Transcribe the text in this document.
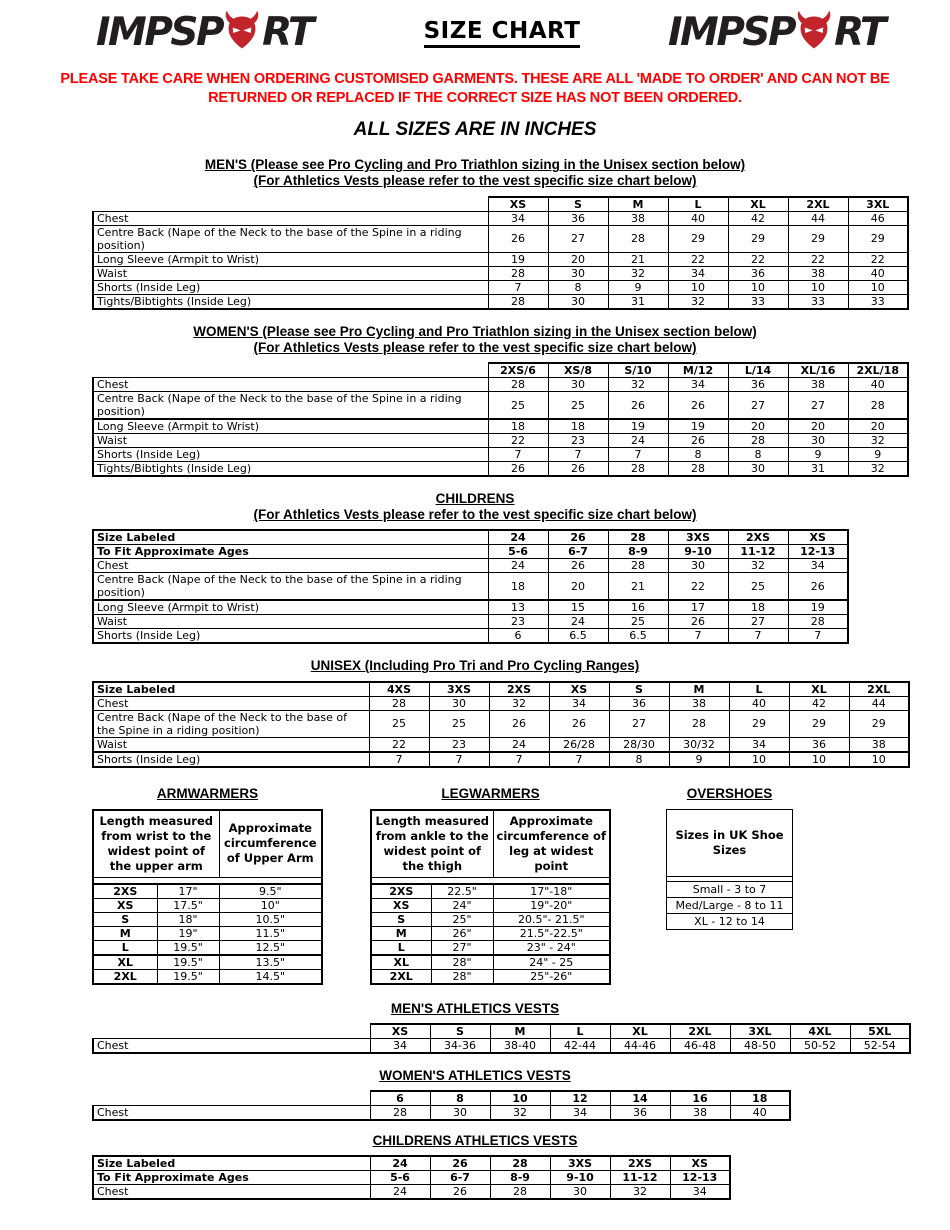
IMPSP RT	SIZE CHART	IMPSP RT
PLEASE TAKE CARE WHEN ORDERING CUSTOMISED GARMENTS. THESE ARE ALL 'MADE TO ORDER' AND CAN NOT BE
RETURNED OR REPLACED IF THE CORRECT SIZE HAS NOT BEEN ORDERED.
ALL SIZES ARE IN INCHES
MEN'S (Please see Pro Cycling and Pro Triathlon sizing in the Unisex section below)
(For Athletics Vests please refer to the vest specific size chart below)
	XS	S	M	L	XL	2XL	3XL
Chest	34	36	38	40	42	44	46
Centre Back (Nape of the Neck to the base of the Spine in a riding position)	26	27	28	29	29	29	29
Long Sleeve (Armpit to Wrist)	19	20	21	22	22	22	22
Waist	28	30	32	34	36	38	40
Shorts (Inside Leg)	7	8	9	10	10	10	10
Tights/Bibtights (Inside Leg)	28	30	31	32	33	33	33
WOMEN'S (Please see Pro Cycling and Pro Triathlon sizing in the Unisex section below)
(For Athletics Vests please refer to the vest specific size chart below)
	2XS/6	XS/8	S/10	M/12	L/14	XL/16	2XL/18
Chest	28	30	32	34	36	38	40
Centre Back (Nape of the Neck to the base of the Spine in a riding position)	25	25	26	26	27	27	28
Long Sleeve (Armpit to Wrist)	18	18	19	19	20	20	20
Waist	22	23	24	26	28	30	32
Shorts (Inside Leg)	7	7	7	8	8	9	9
Tights/Bibtights (Inside Leg)	26	26	28	28	30	31	32
CHILDRENS
(For Athletics Vests please refer to the vest specific size chart below)
Size Labeled	24	26	28	3XS	2XS	XS
To Fit Approximate Ages	5-6	6-7	8-9	9-10	11-12	12-13
Chest	24	26	28	30	32	34
Centre Back (Nape of the Neck to the base of the Spine in a riding position)	18	20	21	22	25	26
Long Sleeve (Armpit to Wrist)	13	15	16	17	18	19
Waist	23	24	25	26	27	28
Shorts (Inside Leg)	6	6.5	6.5	7	7	7
UNISEX (Including Pro Tri and Pro Cycling Ranges)
Size Labeled	4XS	3XS	2XS	XS	S	M	L	XL	2XL
Chest	28	30	32	34	36	38	40	42	44
Centre Back (Nape of the Neck to the base of the Spine in a riding position)	25	25	26	26	27	28	29	29	29
Waist	22	23	24	26/28	28/30	30/32	34	36	38
Shorts (Inside Leg)	7	7	7	7	8	9	10	10	10
ARMWARMERS
Length measured from wrist to the widest point of the upper arm		Approximate circumference of Upper Arm

2XS	17"	9.5"
XS	17.5"	10"
S	18"	10.5"
M	19"	11.5"
L	19.5"	12.5"
XL	19.5"	13.5"
2XL	19.5"	14.5"
LEGWARMERS
Length measured from ankle to the widest point of the thigh		Approximate circumference of leg at widest point

2XS	22.5"	17"-18"
XS	24"	19"-20"
S	25"	20.5"- 21.5"
M	26"	21.5"-22.5"
L	27"	23" - 24"
XL	28"	24" - 25
2XL	28"	25"-26"
OVERSHOES
Sizes in UK Shoe Sizes

Small - 3 to 7
Med/Large - 8 to 11
XL - 12 to 14
MEN'S ATHLETICS VESTS
	XS	S	M	L	XL	2XL	3XL	4XL	5XL
Chest	34	34-36	38-40	42-44	44-46	46-48	48-50	50-52	52-54
WOMEN'S ATHLETICS VESTS
	6	8	10	12	14	16	18
Chest	28	30	32	34	36	38	40
CHILDRENS ATHLETICS VESTS
Size Labeled	24	26	28	3XS	2XS	XS
To Fit Approximate Ages	5-6	6-7	8-9	9-10	11-12	12-13
Chest	24	26	28	30	32	34
